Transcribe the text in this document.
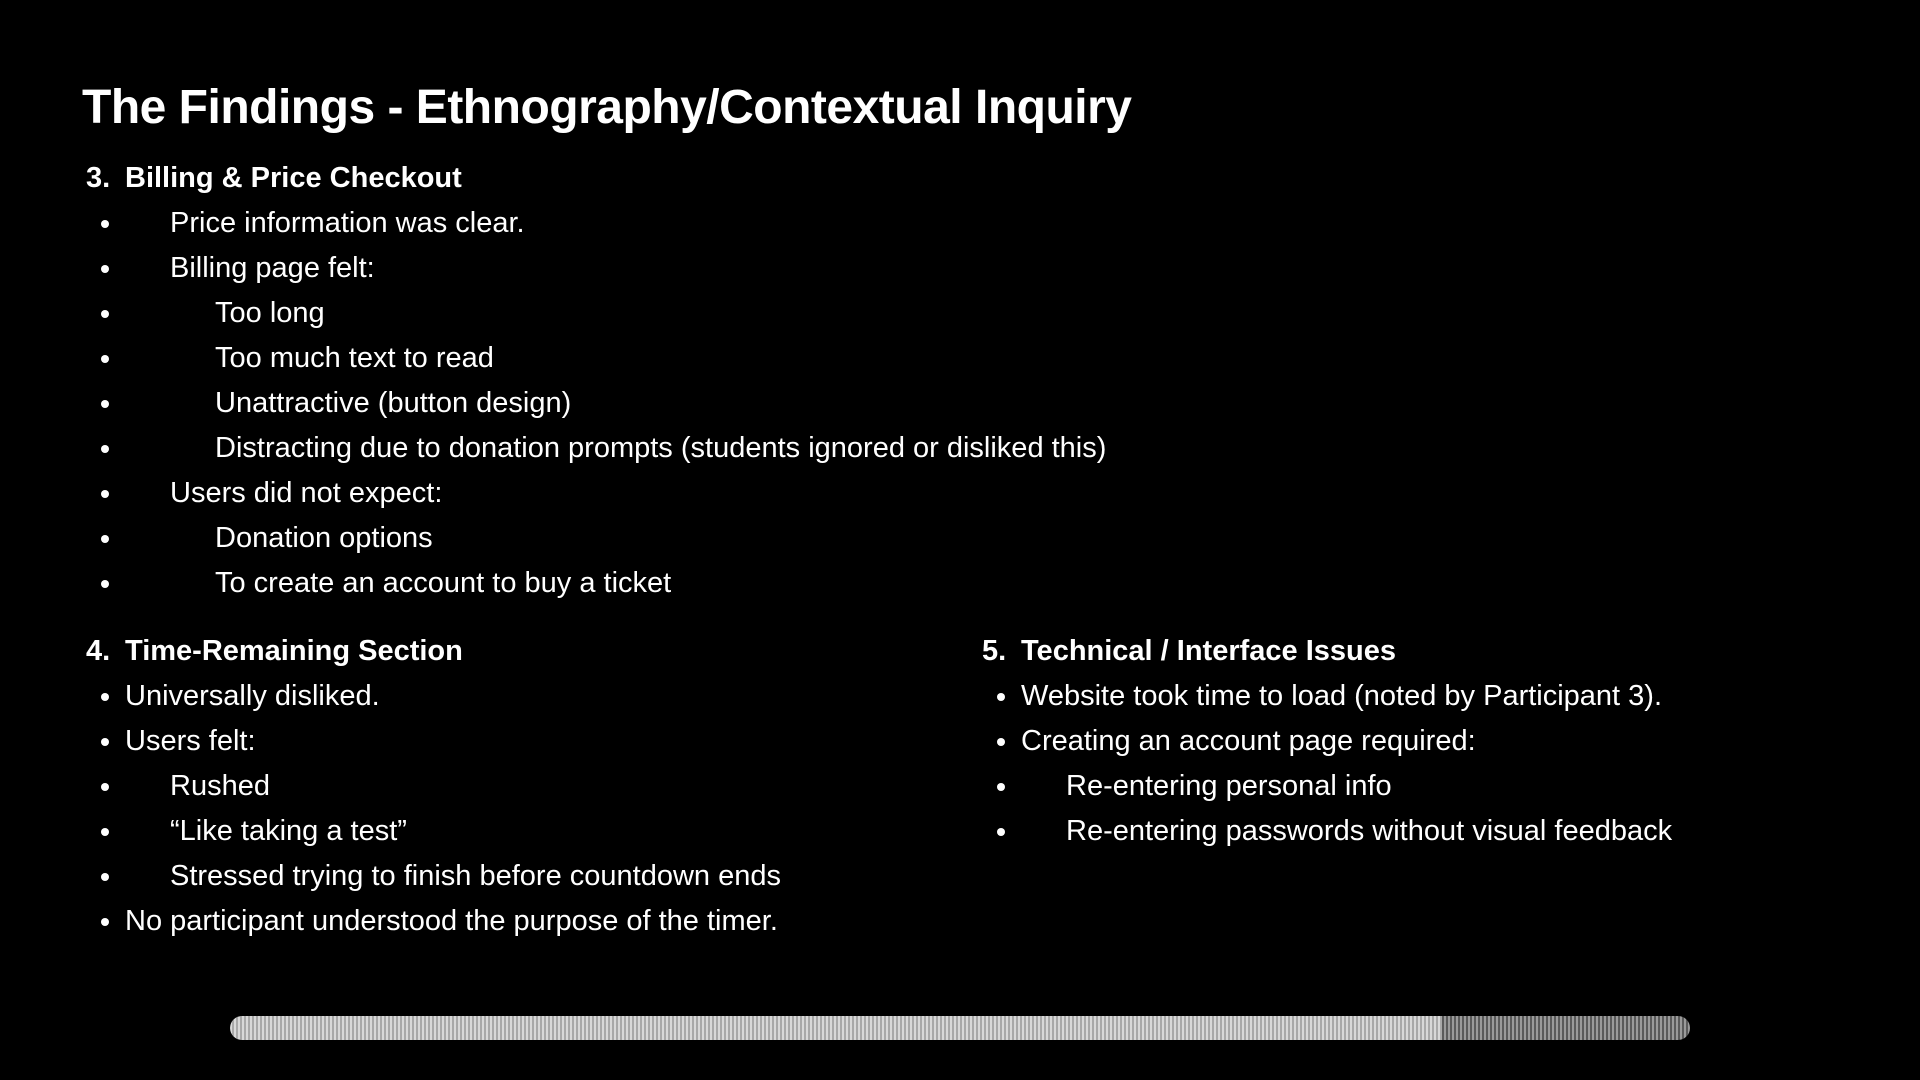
The Findings - Ethnography/Contextual Inquiry
3. Billing & Price Checkout
Price information was clear.
Billing page felt:
Too long
Too much text to read
Unattractive (button design)
Distracting due to donation prompts (students ignored or disliked this)
Users did not expect:
Donation options
To create an account to buy a ticket
4. Time-Remaining Section
Universally disliked.
Users felt:
Rushed
“Like taking a test”
Stressed trying to finish before countdown ends
No participant understood the purpose of the timer.
5. Technical / Interface Issues
Website took time to load (noted by Participant 3).
Creating an account page required:
Re-entering personal info
Re-entering passwords without visual feedback
